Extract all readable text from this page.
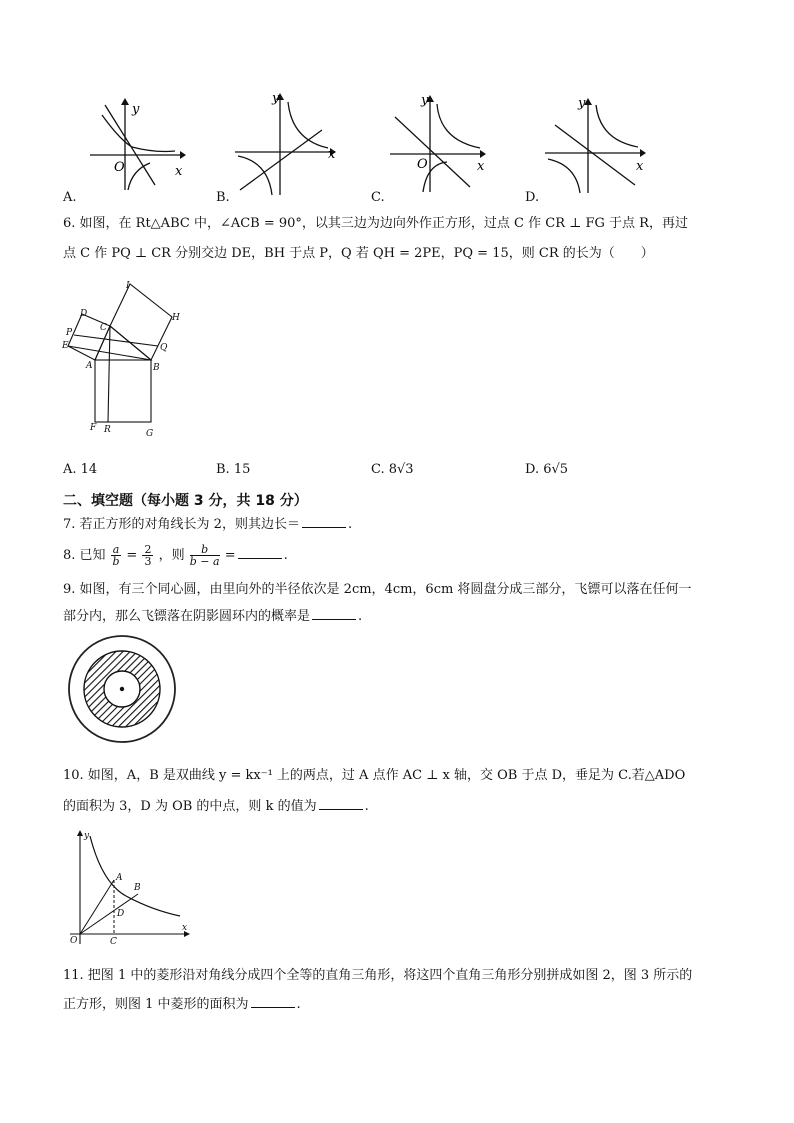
y
x
O
y
x
y
x
O
y
x
A.	B.	C.	D.
6. 如图，在 Rt△ABC 中，∠ACB = 90°，以其三边为边向外作正方形，过点 C 作 CR ⊥ FG 于点 R，再过
点 C 作 PQ ⊥ CR 分别交边 DE，BH 于点 P，Q 若 QH = 2PE，PQ = 15，则 CR 的长为（　　）
I
H
D
C
P
E	Q
A	B
F R	G
A. 14	B. 15	C. 8√3	D. 6√5
二、填空题（每小题 3 分，共 18 分）
7. 若正方形的对角线长为 2，则其边长＝	.
8. 已知 $\frac{a}{b} = \frac{2}{3}$ ，则 $\frac{b}{b - a}$ =	.
9. 如图，有三个同心圆，由里向外的半径依次是 2cm，4cm，6cm 将圆盘分成三部分，飞镖可以落在任何一
部分内，那么飞镖落在阴影圆环内的概率是	.
10. 如图，A，B 是双曲线 y = kx⁻¹ 上的两点，过 A 点作 AC ⊥ x 轴，交 OB 于点 D，垂足为 C.若△ADO
的面积为 3，D 为 OB 的中点，则 k 的值为	.
y
A
B
D
O	C
x
11. 把图 1 中的菱形沿对角线分成四个全等的直角三角形，将这四个直角三角形分别拼成如图 2，图 3 所示的
正方形，则图 1 中菱形的面积为	.
